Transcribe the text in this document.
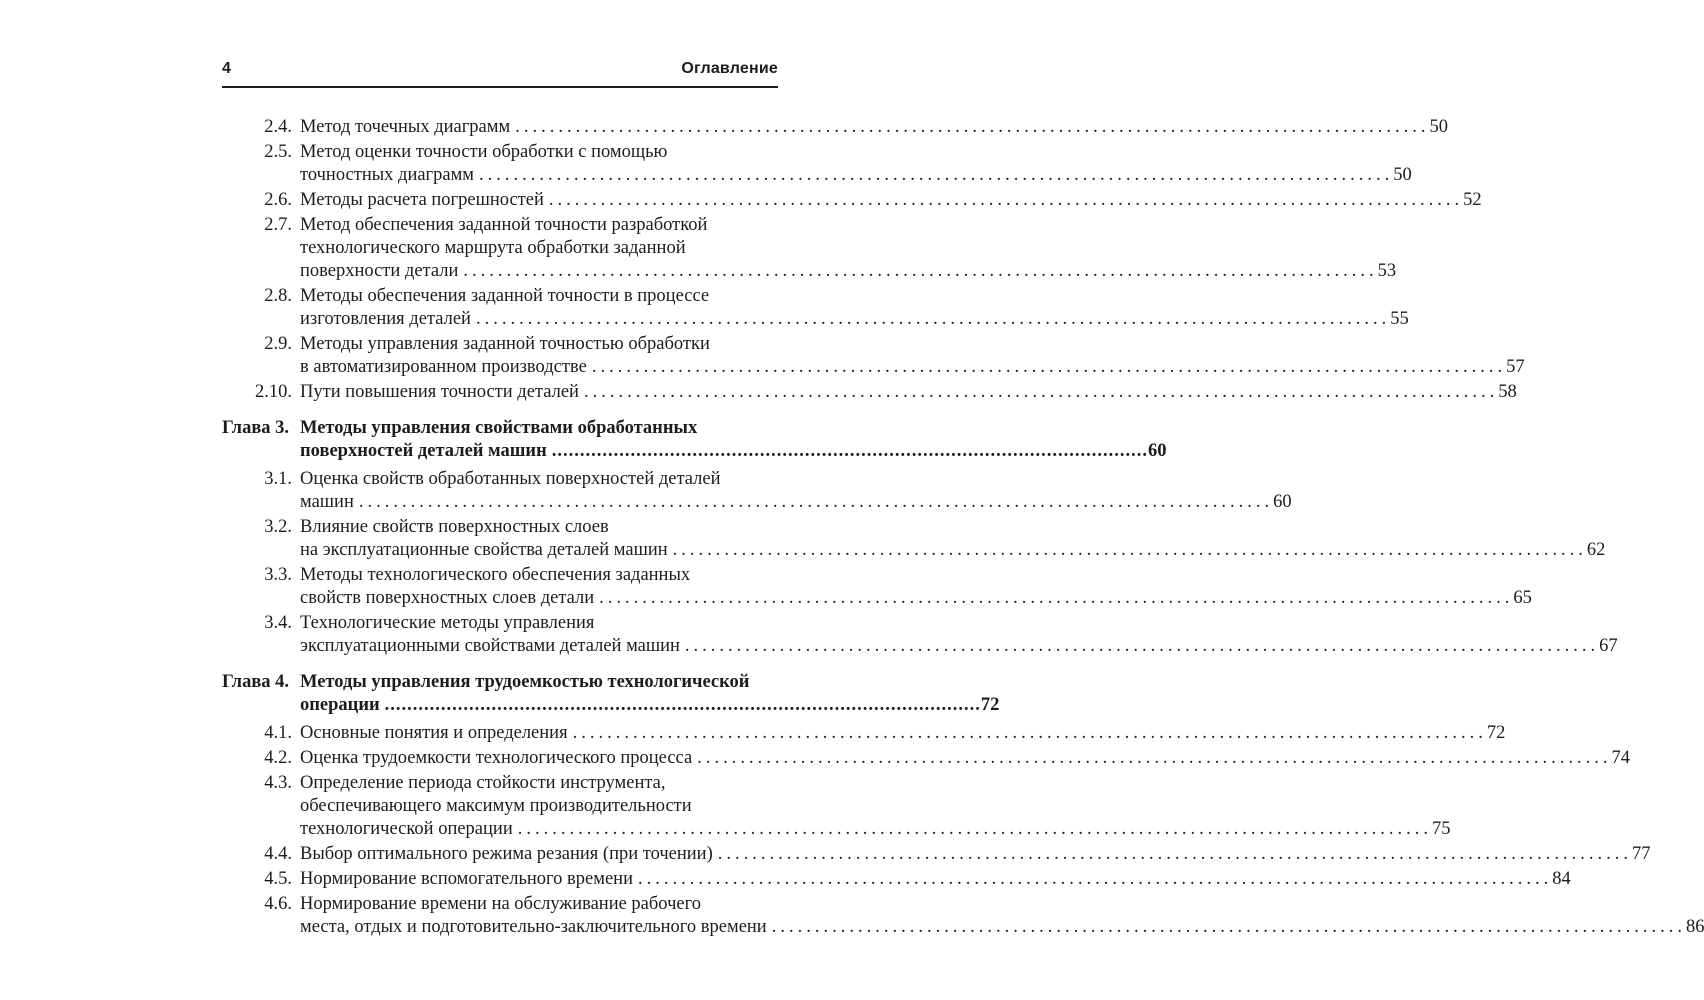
4	Оглавление
2.4. Метод точечных диаграмм .....	50
2.5. Метод оценки точности обработки с помощью
точностных диаграмм .....	50
2.6. Методы расчета погрешностей .....	52
2.7. Метод обеспечения заданной точности разработкой
технологического маршрута обработки заданной
поверхности детали .....	53
2.8. Методы обеспечения заданной точности в процессе
изготовления деталей .....	55
2.9. Методы управления заданной точностью обработки
в автоматизированном производстве .....	57
2.10. Пути повышения точности деталей .....	58
Глава 3. Методы управления свойствами обработанных
поверхностей деталей машин .....	60
3.1. Оценка свойств обработанных поверхностей деталей
машин .....	60
3.2. Влияние свойств поверхностных слоев
на эксплуатационные свойства деталей машин .....	62
3.3. Методы технологического обеспечения заданных
свойств поверхностных слоев детали .....	65
3.4. Технологические методы управления
эксплуатационными свойствами деталей машин .....	67
Глава 4. Методы управления трудоемкостью технологической
операции .....	72
4.1. Основные понятия и определения .....	72
4.2. Оценка трудоемкости технологического процесса .....	74
4.3. Определение периода стойкости инструмента,
обеспечивающего максимум производительности
технологической операции .....	75
4.4. Выбор оптимального режима резания (при точении) .....	77
4.5. Нормирование вспомогательного времени .....	84
4.6. Нормирование времени на обслуживание рабочего
места, отдых и подготовительно-заключительного времени .....	86
